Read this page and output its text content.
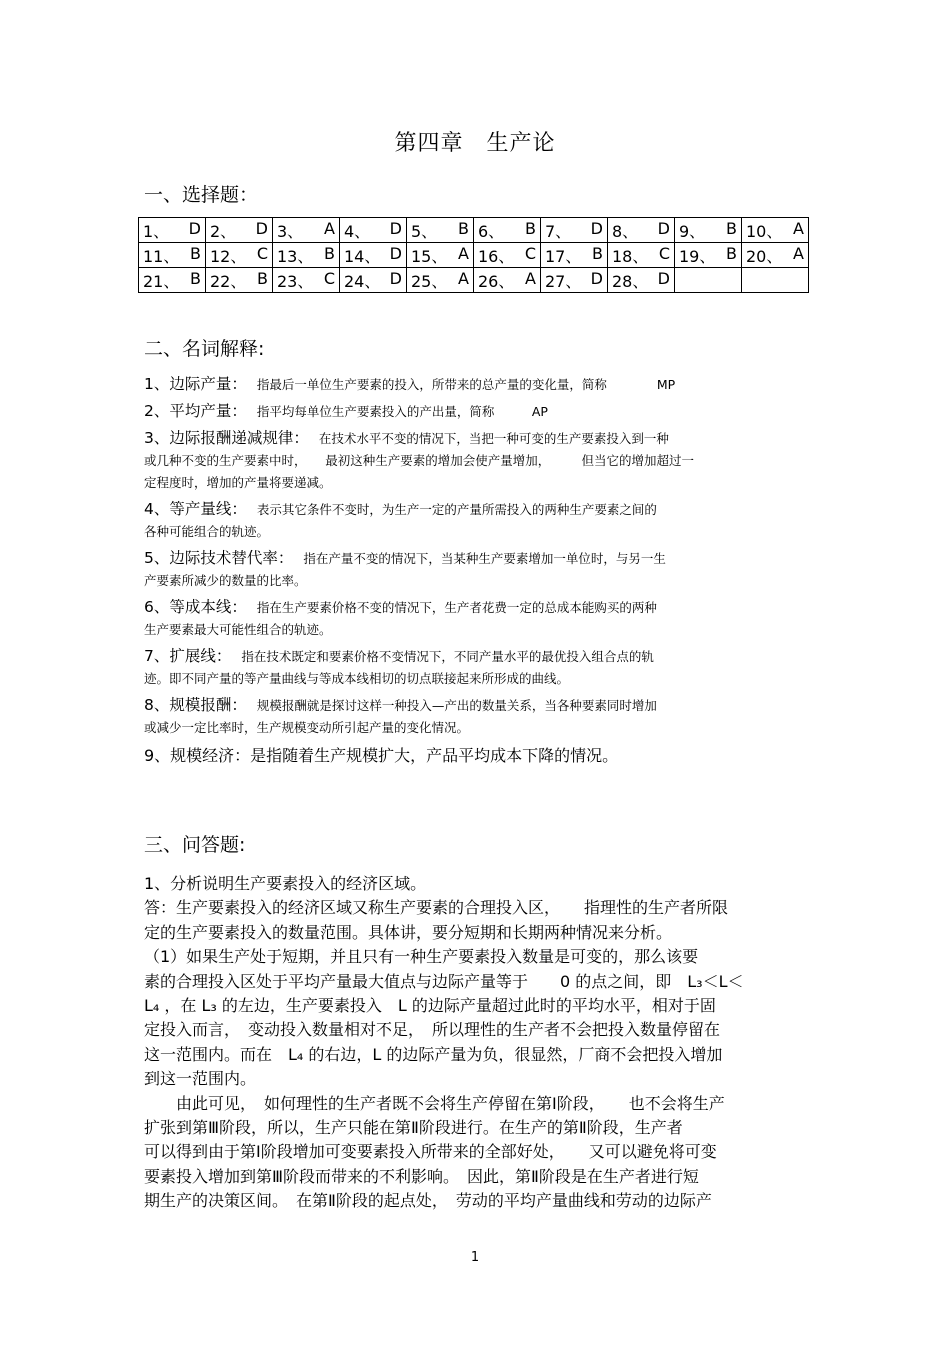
第四章　生产论
一、选择题：
1、 D	2、 D	3、 A	4、 D	5、 B	6、 B	7、 D	8、 D	9、 B	10、 A

11、 B	12、 C	13、 B	14、 D	15、 A	16、 C	17、 B	18、 C	19、 B	20、 A

21、 B	22、 B	23、 C	24、 D	25、 A	26、 A	27、 D	28、 D		

二、名词解释:
1、边际产量： 指最后一单位生产要素的投入，所带来的总产量的变化量，简称　　　　MP
2、平均产量： 指平均每单位生产要素投入的产出量，简称　　　AP
3、边际报酬递减规律： 在技术水平不变的情况下，当把一种可变的生产要素投入到一种
或几种不变的生产要素中时，　　最初这种生产要素的增加会使产量增加，　　　但当它的增加超过一
定程度时，增加的产量将要递减。
4、等产量线： 表示其它条件不变时，为生产一定的产量所需投入的两种生产要素之间的
各种可能组合的轨迹。
5、边际技术替代率： 指在产量不变的情况下，当某种生产要素增加一单位时，与另一生
产要素所减少的数量的比率。
6、等成本线： 指在生产要素价格不变的情况下，生产者花费一定的总成本能购买的两种
生产要素最大可能性组合的轨迹。
7、扩展线： 指在技术既定和要素价格不变情况下，不同产量水平的最优投入组合点的轨
迹。即不同产量的等产量曲线与等成本线相切的切点联接起来所形成的曲线。
8、规模报酬： 规模报酬就是探讨这样一种投入—产出的数量关系，当各种要素同时增加
或减少一定比率时，生产规模变动所引起产量的变化情况。
9、规模经济：是指随着生产规模扩大，产品平均成本下降的情况。
三、问答题:

1、分析说明生产要素投入的经济区域。

答：生产要素投入的经济区域又称生产要素的合理投入区，　　指理性的生产者所限

定的生产要素投入的数量范围。具体讲，要分短期和长期两种情况来分析。

（1）如果生产处于短期，并且只有一种生产要素投入数量是可变的，那么该要

素的合理投入区处于平均产量最大值点与边际产量等于　　0 的点之间，即　L₃＜L＜

L₄ ，在 L₃ 的左边，生产要素投入　L 的边际产量超过此时的平均水平，相对于固

定投入而言，　变动投入数量相对不足，　所以理性的生产者不会把投入数量停留在

这一范围内。而在　L₄ 的右边，L 的边际产量为负，很显然，厂商不会把投入增加

到这一范围内。

　　由此可见，　如何理性的生产者既不会将生产停留在第Ⅰ阶段，　　也不会将生产

扩张到第Ⅲ阶段，所以，生产只能在第Ⅱ阶段进行。在生产的第Ⅱ阶段，生产者

可以得到由于第Ⅰ阶段增加可变要素投入所带来的全部好处，　　又可以避免将可变

要素投入增加到第Ⅲ阶段而带来的不利影响。　因此，第Ⅱ阶段是在生产者进行短

期生产的决策区间。　在第Ⅱ阶段的起点处，　劳动的平均产量曲线和劳动的边际产

1
